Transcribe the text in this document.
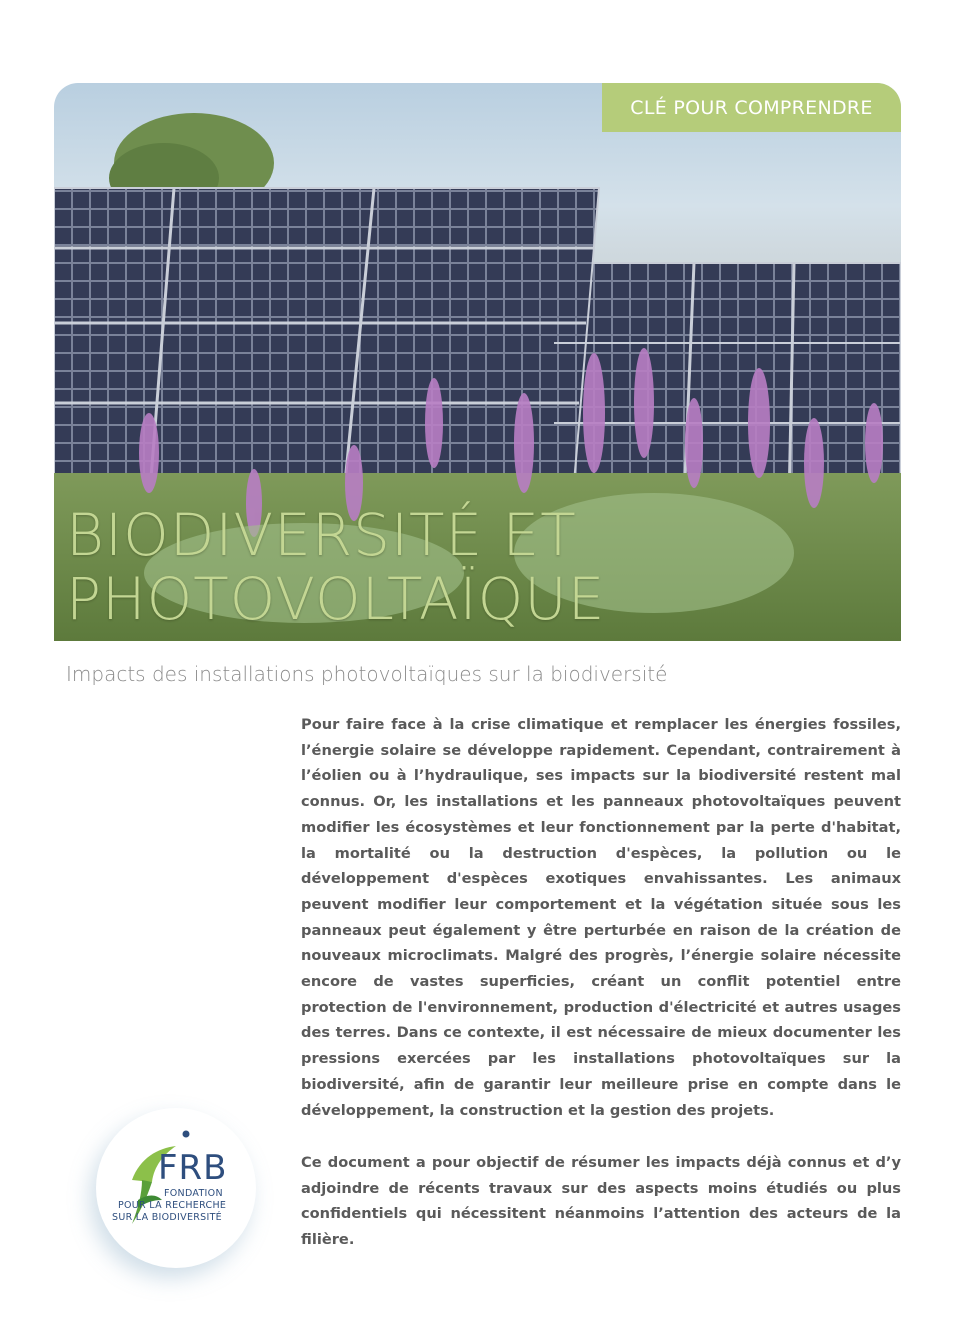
CLÉ POUR COMPRENDRE
BIODIVERSITÉ ET
PHOTOVOLTAÏQUE

Impacts des installations photovoltaïques sur la biodiversité

Pour faire face à la crise climatique et remplacer les énergies fossiles, l’énergie solaire se développe rapidement. Cependant, contrairement à l’éolien ou à l’hydraulique, ses impacts sur la biodiversité restent mal connus. Or, les installations et les panneaux photovoltaïques peuvent modifier les écosystèmes et leur fonctionnement par la perte d'habitat, la mortalité ou la destruction d'espèces, la pollution ou le développement d'espèces exotiques envahissantes. Les animaux peuvent modifier leur comportement et la végétation située sous les panneaux peut également y être perturbée en raison de la création de nouveaux microclimats. Malgré des progrès, l’énergie solaire nécessite encore de vastes superficies, créant un conflit potentiel entre protection de l'environnement, production d'électricité et autres usages des terres. Dans ce contexte, il est nécessaire de mieux documenter les pressions exercées par les installations photovoltaïques sur la biodiversité, afin de garantir leur meilleure prise en compte dans le développement, la construction et la gestion des projets.

Ce document a pour objectif de résumer les impacts déjà connus et d’y adjoindre de récents travaux sur des aspects moins étudiés ou plus confidentiels qui nécessitent néanmoins l’attention des acteurs de la filière.

FRB

FONDATION

POUR LA RECHERCHE

SUR LA BIODIVERSITÉ
